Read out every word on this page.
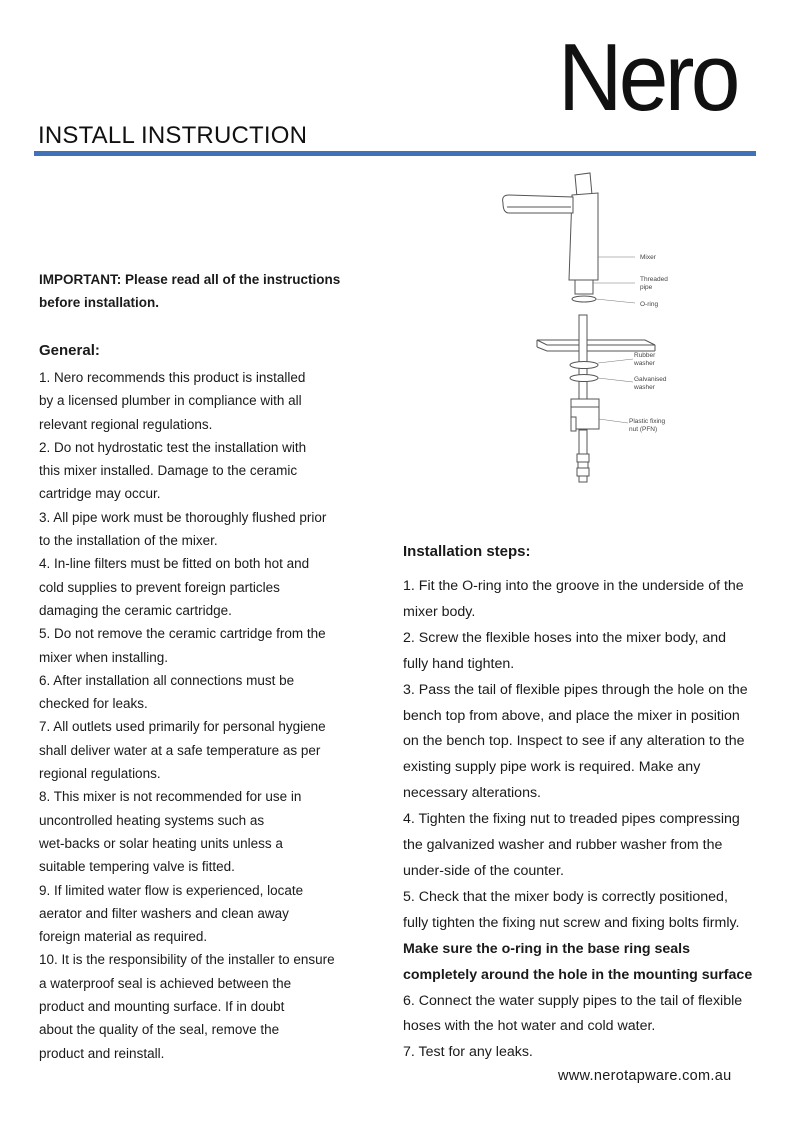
Nero
INSTALL INSTRUCTION
IMPORTANT: Please read all of the instructions
before installation.
General:
1. Nero recommends this product is installed
by a licensed plumber in compliance with all
relevant regional regulations.
2. Do not hydrostatic test the installation with
this mixer installed. Damage to the ceramic
cartridge may occur.
3. All pipe work must be thoroughly flushed prior
to the installation of the mixer.
4. In-line filters must be fitted on both hot and
cold supplies to prevent foreign particles
damaging the ceramic cartridge.
5. Do not remove the ceramic cartridge from the
mixer when installing.
6. After installation all connections must be
checked for leaks.
7. All outlets used primarily for personal hygiene
shall deliver water at a safe temperature as per
regional regulations.
8. This mixer is not recommended for use in
uncontrolled heating systems such as
wet-backs or solar heating units unless a
suitable tempering valve is fitted.
9. If limited water flow is experienced, locate
aerator and filter washers and clean away
foreign material as required.
10. It is the responsibility of the installer to ensure
a waterproof seal is achieved between the
product and mounting surface. If in doubt
about the quality of the seal, remove the
product and reinstall.
Mixer
Threaded
pipe
O-ring
Rubber
washer
Galvanised
washer
Plastic fixing
nut (PFN)
Installation steps:
1. Fit the O-ring into the groove in the underside of the
mixer body.
2. Screw the flexible hoses into the mixer body, and
fully hand tighten.
3. Pass the tail of flexible pipes through the hole on the
bench top from above, and place the mixer in position
on the bench top. Inspect to see if any alteration to the
existing supply pipe work is required. Make any
necessary alterations.
4. Tighten the fixing nut to treaded pipes compressing
the galvanized washer and rubber washer from the
under-side of the counter.
5. Check that the mixer body is correctly positioned,
fully tighten the fixing nut screw and fixing bolts firmly.
Make sure the o-ring in the base ring seals
completely around the hole in the mounting surface
6. Connect the water supply pipes to the tail of flexible
hoses with the hot water and cold water.
7. Test for any leaks.
www.nerotapware.com.au
